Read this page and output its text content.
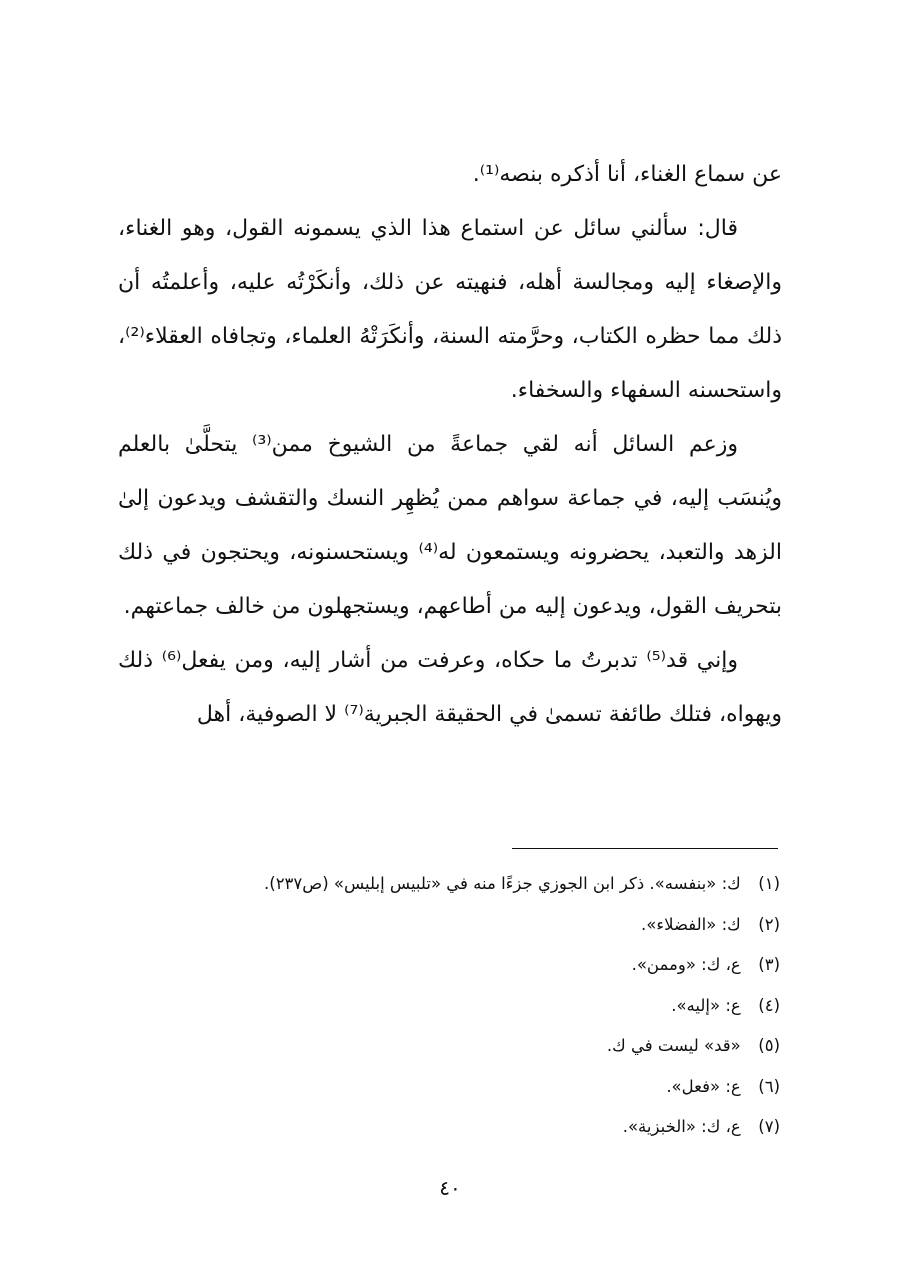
عن سماع الغناء، أنا أذكره بنصه⁽¹⁾.

قال: سألني سائل عن استماع هذا الذي يسمونه القول، وهو الغناء، والإصغاء إليه ومجالسة أهله، فنهيته عن ذلك، وأنكَرْتُه عليه، وأعلمتُه أن ذلك مما حظره الكتاب، وحرَّمته السنة، وأنكَرَتْهُ العلماء، وتجافاه العقلاء⁽²⁾، واستحسنه السفهاء والسخفاء.

وزعم السائل أنه لقي جماعةً من الشيوخ ممن⁽³⁾ يتحلَّىٰ بالعلم ويُنسَب إليه، في جماعة سواهم ممن يُظهِر النسك والتقشف ويدعون إلىٰ الزهد والتعبد، يحضرونه ويستمعون له⁽⁴⁾ ويستحسنونه، ويحتجون في ذلك بتحريف القول، ويدعون إليه من أطاعهم، ويستجهلون من خالف جماعتهم.

وإني قد⁽⁵⁾ تدبرتُ ما حكاه، وعرفت من أشار إليه، ومن يفعل⁽⁶⁾ ذلك ويهواه، فتلك طائفة تسمىٰ في الحقيقة الجبرية⁽⁷⁾ لا الصوفية، أهل

(١) ك: «بنفسه». ذكر ابن الجوزي جزءًا منه في «تلبيس إبليس» (ص٢٣٧).
(٢) ك: «الفضلاء».
(٣) ع، ك: «وممن».
(٤) ع: «إليه».
(٥) «قد» ليست في ك.
(٦) ع: «فعل».
(٧) ع، ك: «الخبزية».
٤٠
